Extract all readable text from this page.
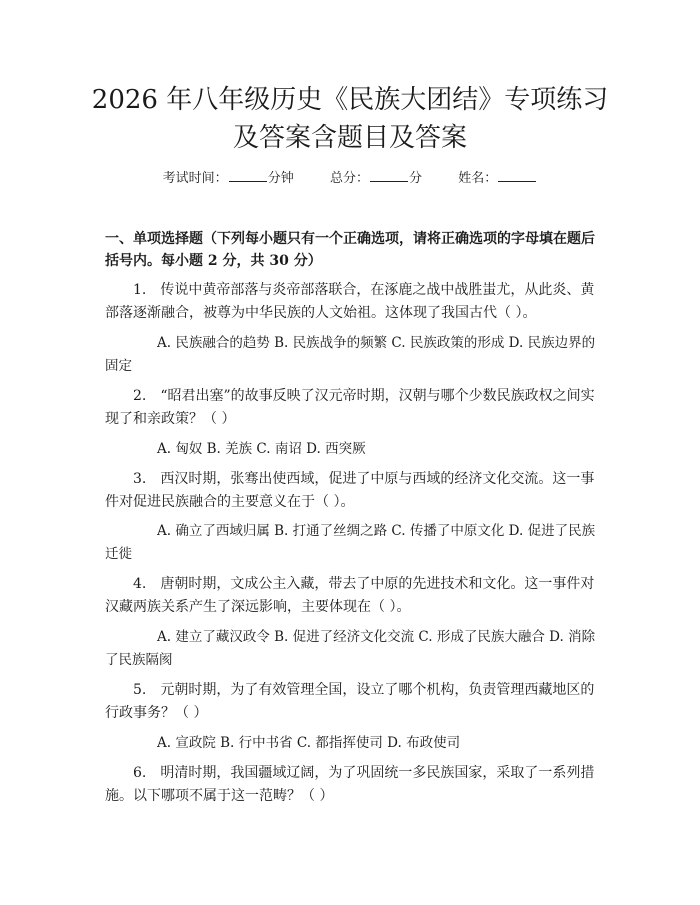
2026 年八年级历史《民族大团结》专项练习
及答案含题目及答案
考试时间：	分钟	总分：	分	姓名：
一、单项选择题（下列每小题只有一个正确选项，请将正确选项的字母填在题后括号内。每小题 2 分，共 30 分）
1.　传说中黄帝部落与炎帝部落联合，在涿鹿之战中战胜蚩尤，从此炎、黄部落逐渐融合，被尊为中华民族的人文始祖。这体现了我国古代（ ）。
A. 民族融合的趋势 B. 民族战争的频繁 C. 民族政策的形成 D. 民族边界的固定
2.　“昭君出塞”的故事反映了汉元帝时期，汉朝与哪个少数民族政权之间实现了和亲政策？（ ）
A. 匈奴 B. 羌族 C. 南诏 D. 西突厥
3.　西汉时期，张骞出使西域，促进了中原与西域的经济文化交流。这一事件对促进民族融合的主要意义在于（ ）。
A. 确立了西域归属 B. 打通了丝绸之路 C. 传播了中原文化 D. 促进了民族迁徙
4.　唐朝时期，文成公主入藏，带去了中原的先进技术和文化。这一事件对汉藏两族关系产生了深远影响，主要体现在（ ）。
A. 建立了藏汉政令 B. 促进了经济文化交流 C. 形成了民族大融合 D. 消除了民族隔阂
5.　元朝时期，为了有效管理全国，设立了哪个机构，负责管理西藏地区的行政事务？（ ）
A. 宣政院 B. 行中书省 C. 都指挥使司 D. 布政使司
6.　明清时期，我国疆域辽阔，为了巩固统一多民族国家，采取了一系列措施。以下哪项不属于这一范畴？（ ）
